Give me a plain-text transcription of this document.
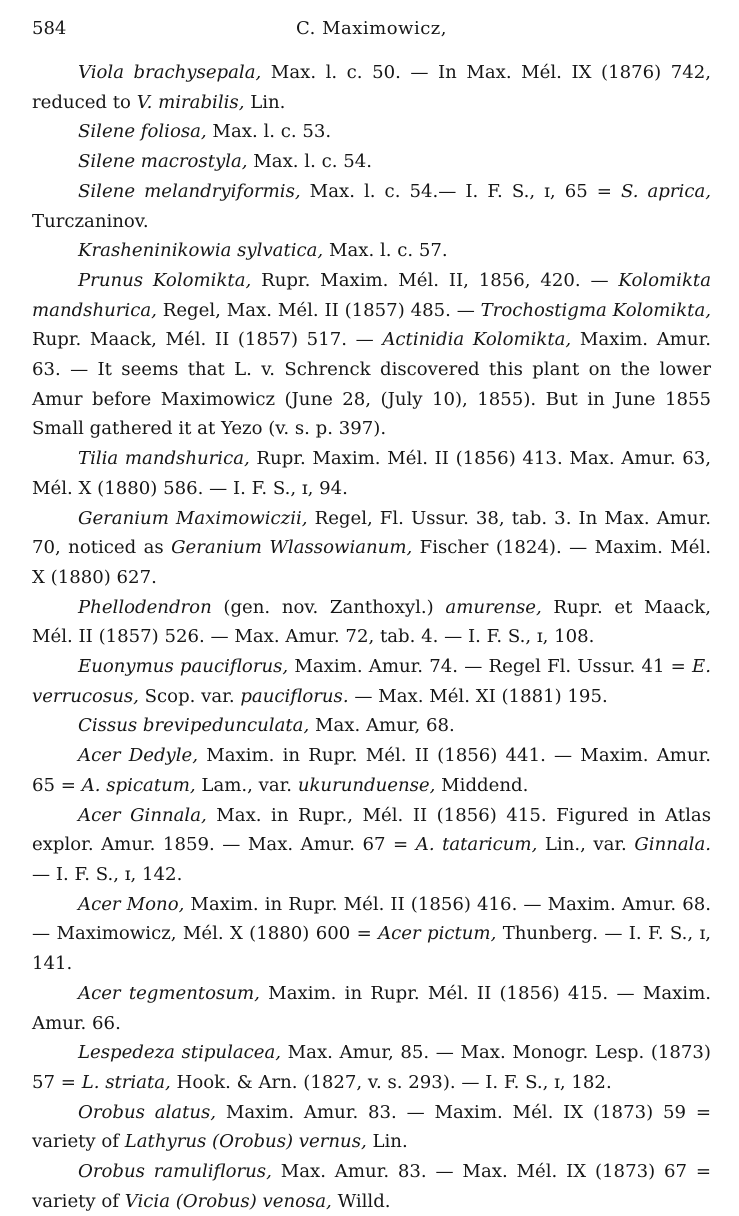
584	C. Maximowicz,

Viola brachysepala, Max. l. c. 50. — In Max. Mél. IX (1876) 742, reduced to V. mirabilis, Lin.

Silene foliosa, Max. l. c. 53.

Silene macrostyla, Max. l. c. 54.

Silene melandryiformis, Max. l. c. 54.— I. F. S., ɪ, 65 = S. aprica, Turczaninov.

Krasheninikowia sylvatica, Max. l. c. 57.

Prunus Kolomikta, Rupr. Maxim. Mél. II, 1856, 420. — Kolomikta mandshurica, Regel, Max. Mél. II (1857) 485. — Trochostigma Kolomikta, Rupr. Maack, Mél. II (1857) 517. — Actinidia Kolomikta, Maxim. Amur. 63. — It seems that L. v. Schrenck discovered this plant on the lower Amur before Maximowicz (June 28, (July 10), 1855). But in June 1855 Small gathered it at Yezo (v. s. p. 397).

Tilia mandshurica, Rupr. Maxim. Mél. II (1856) 413. Max. Amur. 63, Mél. X (1880) 586. — I. F. S., ɪ, 94.

Geranium Maximowiczii, Regel, Fl. Ussur. 38, tab. 3. In Max. Amur. 70, noticed as Geranium Wlassowianum, Fischer (1824). — Maxim. Mél. X (1880) 627.

Phellodendron (gen. nov. Zanthoxyl.) amurense, Rupr. et Maack, Mél. II (1857) 526. — Max. Amur. 72, tab. 4. — I. F. S., ɪ, 108.

Euonymus pauciflorus, Maxim. Amur. 74. — Regel Fl. Ussur. 41 = E. verrucosus, Scop. var. pauciflorus. — Max. Mél. XI (1881) 195.

Cissus brevipedunculata, Max. Amur, 68.

Acer Dedyle, Maxim. in Rupr. Mél. II (1856) 441. — Maxim. Amur. 65 = A. spicatum, Lam., var. ukurunduense, Middend.

Acer Ginnala, Max. in Rupr., Mél. II (1856) 415. Figured in Atlas explor. Amur. 1859. — Max. Amur. 67 = A. tataricum, Lin., var. Ginnala. — I. F. S., ɪ, 142.

Acer Mono, Maxim. in Rupr. Mél. II (1856) 416. — Maxim. Amur. 68. — Maximowicz, Mél. X (1880) 600 = Acer pictum, Thunberg. — I. F. S., ɪ, 141.

Acer tegmentosum, Maxim. in Rupr. Mél. II (1856) 415. — Maxim. Amur. 66.

Lespedeza stipulacea, Max. Amur, 85. — Max. Monogr. Lesp. (1873) 57 = L. striata, Hook. & Arn. (1827, v. s. 293). — I. F. S., ɪ, 182.

Orobus alatus, Maxim. Amur. 83. — Maxim. Mél. IX (1873) 59 = variety of Lathyrus (Orobus) vernus, Lin.

Orobus ramuliflorus, Max. Amur. 83. — Max. Mél. IX (1873) 67 = variety of Vicia (Orobus) venosa, Willd.
